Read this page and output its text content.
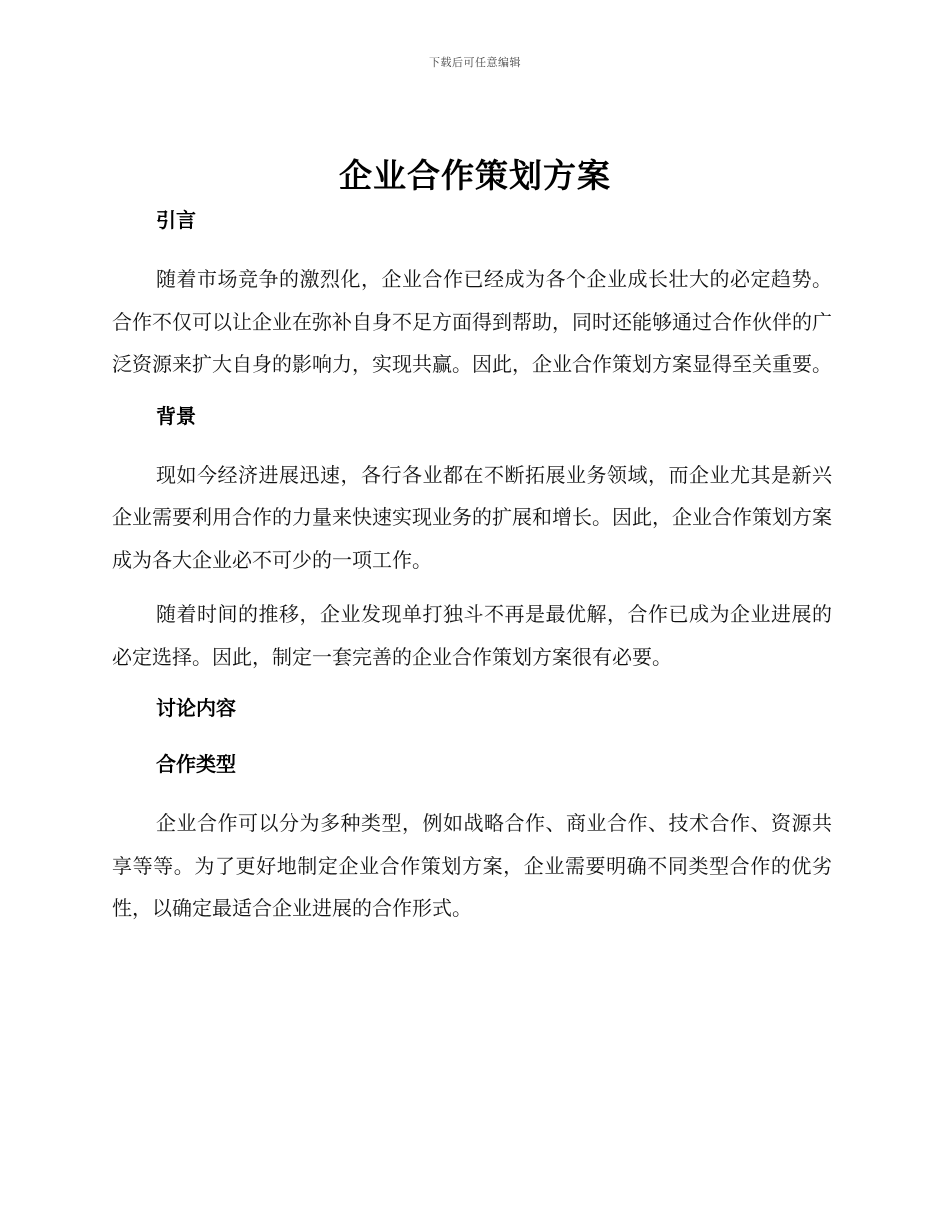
下载后可任意编辑
企业合作策划方案
引言

随着市场竞争的激烈化，企业合作已经成为各个企业成长壮大的必定趋势。合作不仅可以让企业在弥补自身不足方面得到帮助，同时还能够通过合作伙伴的广泛资源来扩大自身的影响力，实现共赢。因此，企业合作策划方案显得至关重要。

背景

现如今经济进展迅速，各行各业都在不断拓展业务领域，而企业尤其是新兴企业需要利用合作的力量来快速实现业务的扩展和增长。因此，企业合作策划方案成为各大企业必不可少的一项工作。

随着时间的推移，企业发现单打独斗不再是最优解，合作已成为企业进展的必定选择。因此，制定一套完善的企业合作策划方案很有必要。

讨论内容
合作类型

企业合作可以分为多种类型，例如战略合作、商业合作、技术合作、资源共享等等。为了更好地制定企业合作策划方案，企业需要明确不同类型合作的优劣性，以确定最适合企业进展的合作形式。
